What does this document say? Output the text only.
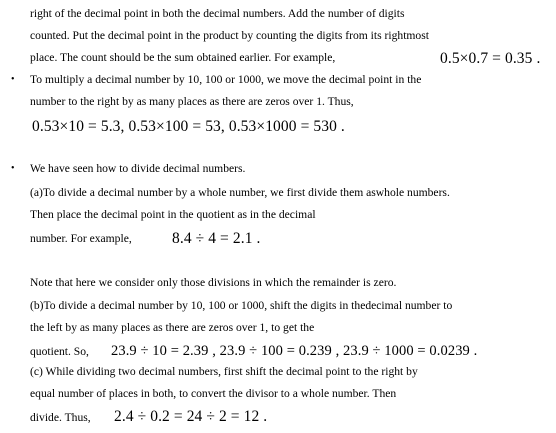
right of the decimal point in both the decimal numbers. Add the number of digits
counted. Put the decimal point in the product by counting the digits from its rightmost
place. The count should be the sum obtained earlier. For example,	0.5×0.7 = 0.35 .
• To multiply a decimal number by 10, 100 or 1000, we move the decimal point in the
number to the right by as many places as there are zeros over 1. Thus,
0.53×10 = 5.3, 0.53×100 = 53, 0.53×1000 = 530 .
• We have seen how to divide decimal numbers.
(a)To divide a decimal number by a whole number, we first divide them aswhole numbers.
Then place the decimal point in the quotient as in the decimal
number. For example,	8.4 ÷ 4 = 2.1 .
Note that here we consider only those divisions in which the remainder is zero.
(b)To divide a decimal number by 10, 100 or 1000, shift the digits in thedecimal number to
the left by as many places as there are zeros over 1, to get the
quotient. So, 23.9 ÷ 10 = 2.39 , 23.9 ÷ 100 = 0.239 , 23.9 ÷ 1000 = 0.0239 .
(c) While dividing two decimal numbers, first shift the decimal point to the right by
equal number of places in both, to convert the divisor to a whole number. Then
divide. Thus, 2.4 ÷ 0.2 = 24 ÷ 2 = 12 .
